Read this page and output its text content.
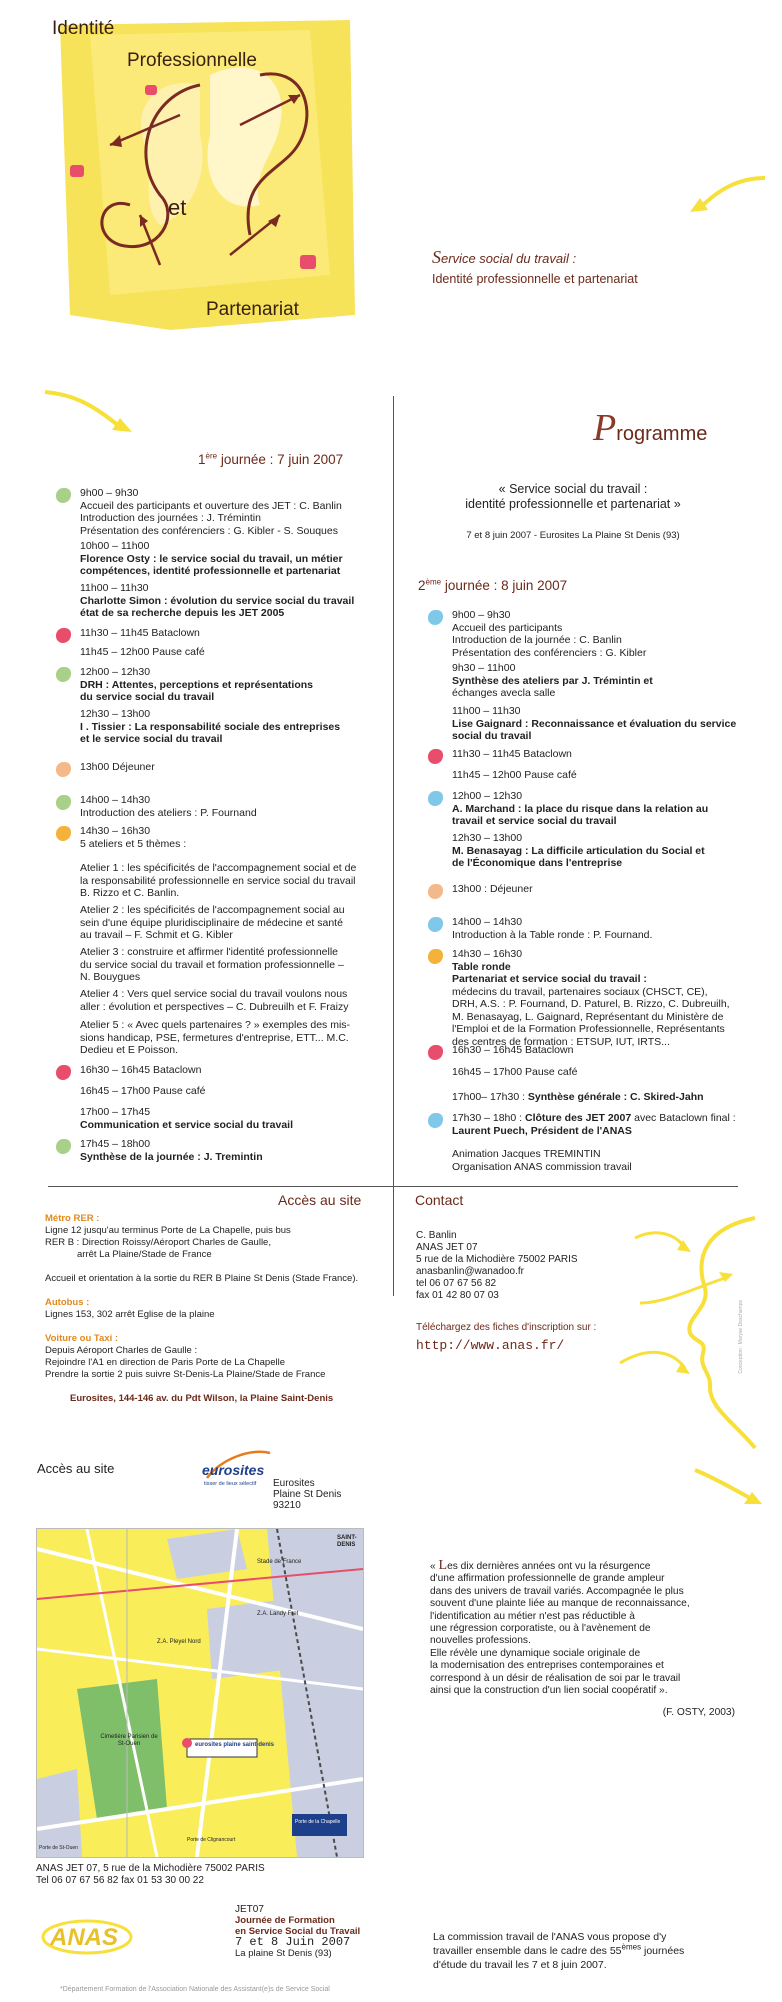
Identité
Professionnelle
et
Partenariat
Service social du travail :
Identité professionnelle et partenariat
Programme
« Service social du travail :
identité professionnelle et partenariat »
7 et 8 juin 2007 - Eurosites La Plaine St Denis (93)
1ère journée : 7 juin 2007

9h00 – 9h30

Accueil des participants et ouverture des JET : C. Banlin

Introduction des journées : J. Trémintin

Présentation des conférenciers : G. Kibler - S. Souques

10h00 – 11h00

Florence Osty : le service social du travail, un métier

compétences, identité professionnelle et partenariat

11h00 – 11h30

Charlotte Simon : évolution du service social du travail

état de sa recherche depuis les JET 2005

11h30 – 11h45 Bataclown

11h45 – 12h00 Pause café

12h00 – 12h30

DRH : Attentes, perceptions et représentations

du service social du travail

12h30 – 13h00

I . Tissier : La responsabilité sociale des entreprises

et le service social du travail

13h00 Déjeuner

14h00 – 14h30

Introduction des ateliers : P. Fournand

14h30 – 16h30

5 ateliers et 5 thèmes :

Atelier 1 : les spécificités de l'accompagnement social et de

la responsabilité professionnelle en service social du travail

B. Rizzo et C. Banlin.

Atelier 2 : les spécificités de l'accompagnement social au

sein d'une équipe pluridisciplinaire de médecine et santé

au travail – F. Schmit et G. Kibler

Atelier 3 : construire et affirmer l'identité professionnelle

du service social du travail et formation professionnelle –

N. Bouygues

Atelier 4 : Vers quel service social du travail voulons nous

aller : évolution et perspectives – C. Dubreuilh et F. Fraizy

Atelier 5 : « Avec quels partenaires ? » exemples des mis-

sions handicap, PSE, fermetures d'entreprise, ETT... M.C.

Dedieu et E Poisson.

16h30 – 16h45 Bataclown

16h45 – 17h00 Pause café

17h00 – 17h45

Communication et service social du travail

17h45 – 18h00

Synthèse de la journée : J. Tremintin

2ème journée : 8 juin 2007

9h00 – 9h30

Accueil des participants

Introduction de la journée : C. Banlin

Présentation des conférenciers : G. Kibler

9h30 – 11h00

Synthèse des ateliers par J. Trémintin et

échanges avecla salle

11h00 – 11h30

Lise Gaignard : Reconnaissance et évaluation du service

social du travail

11h30 – 11h45 Bataclown

11h45 – 12h00 Pause café

12h00 – 12h30

A. Marchand : la place du risque dans la relation au

travail et service social du travail

12h30 – 13h00

M. Benasayag : La difficile articulation du Social et

de l'Économique dans l'entreprise

13h00 : Déjeuner

14h00 – 14h30

Introduction à la Table ronde : P. Fournand.

14h30 – 16h30

Table ronde

Partenariat et service social du travail :

médecins du travail, partenaires sociaux (CHSCT, CE),

DRH, A.S. : P. Fournand, D. Paturel, B. Rizzo, C. Dubreuilh,

M. Benasayag, L. Gaignard, Représentant du Ministère de

l'Emploi et de la Formation Professionnelle, Représentants

des centres de formation : ETSUP, IUT, IRTS...

16h30 – 16h45 Bataclown

16h45 – 17h00 Pause café

17h00– 17h30 : Synthèse générale : C. Skired-Jahn

17h30 – 18h0 : Clôture des JET 2007 avec Bataclown final :

Laurent Puech, Président de l'ANAS

Animation Jacques TREMINTIN

Organisation ANAS commission travail

Accès au site
Métro RER :
Ligne 12 jusqu'au terminus Porte de La Chapelle, puis bus
RER B : Direction Roissy/Aéroport Charles de Gaulle,
arrêt La Plaine/Stade de France
Accueil et orientation à la sortie du RER B Plaine St Denis (Stade France).
Autobus :
Lignes 153, 302 arrêt Eglise de la plaine
Voiture ou Taxi :
Depuis Aéroport Charles de Gaulle :
Rejoindre l'A1 en direction de Paris Porte de La Chapelle
Prendre la sortie 2 puis suivre St-Denis-La Plaine/Stade de France
Eurosites, 144-146 av. du Pdt Wilson, la Plaine Saint-Denis
Contact
C. Banlin
ANAS JET 07
5 rue de la Michodière 75002 PARIS
anasbanlin@wanadoo.fr
tel 06 07 67 56 82
fax 01 42 80 07 03
Téléchargez des fiches d'inscription sur :
http://www.anas.fr/	Conception : Maryse Deschamps
Accès au site	eurosites
tisser de lieux sélectif Eurosites
Plaine St Denis
93210
SAINT-DENIS
Stade de France
Z.A. Landy Fret
Z.A. Pleyel Nord
Cimetière Parisien de St-Ouen	eurosites plaine saint-denis
Porte de Clignancourt
Porte de St-Ouen
Porte de la Chapelle
ANAS JET 07, 5 rue de la Michodière 75002 PARIS
Tel 06 07 67 56 82 fax 01 53 30 00 22
« Les dix dernières années ont vu la résurgence
d'une affirmation professionnelle de grande ampleur
dans des univers de travail variés. Accompagnée le plus
souvent d'une plainte liée au manque de reconnaissance,
l'identification au métier n'est pas réductible à
une régression corporatiste, ou à l'avènement de
nouvelles professions.
Elle révèle une dynamique sociale originale de
la modernisation des entreprises contemporaines et
correspond à un désir de réalisation de soi par le travail
ainsi que la construction d'un lien social coopératif ».
(F. OSTY, 2003)
ANAS
JET07
Journée de Formation
en Service Social du Travail
7 et 8 Juin 2007
La plaine St Denis (93)
La commission travail de l'ANAS vous propose d'y
travailler ensemble dans le cadre des 55èmes journées
d'étude du travail les 7 et 8 juin 2007.
*Département Formation de l'Association Nationale des Assistant(e)s de Service Social
